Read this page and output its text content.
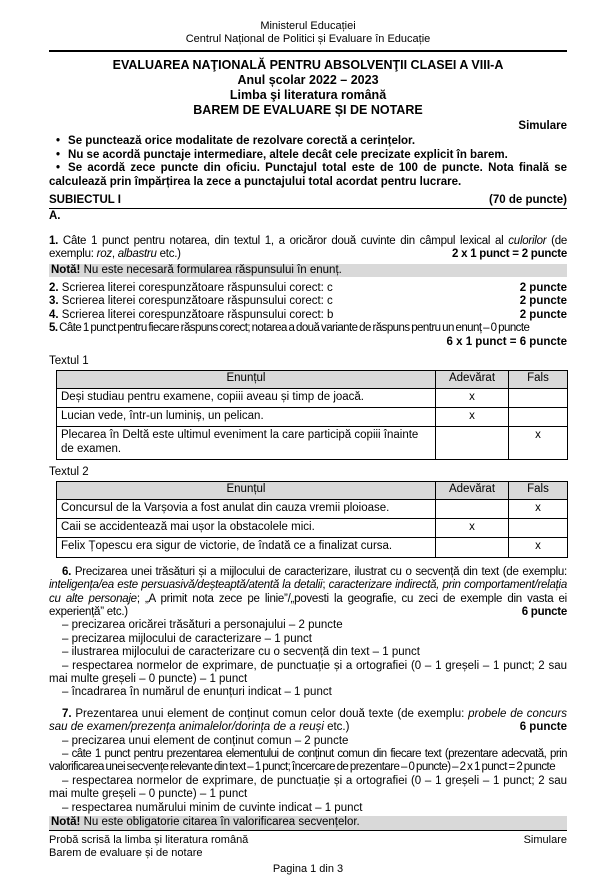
Ministerul Educației
Centrul Național de Politici și Evaluare în Educație
EVALUAREA NAŢIONALĂ PENTRU ABSOLVENŢII CLASEI A VIII-A
Anul școlar 2022 – 2023
Limba şi literatura română
BAREM DE EVALUARE ȘI DE NOTARE
Simulare
• Se punctează orice modalitate de rezolvare corectă a cerințelor.
• Nu se acordă punctaje intermediare, altele decât cele precizate explicit în barem.
• Se acordă zece puncte din oficiu. Punctajul total este de 100 de puncte. Nota finală se calculează prin împărțirea la zece a punctajului total acordat pentru lucrare.
SUBIECTUL I	(70 de puncte)
A.
1. Câte 1 punct pentru notarea, din textul 1, a oricăror două cuvinte din câmpul lexical al culorilor (de exemplu: roz, albastru etc.)	2 x 1 punct = 2 puncte
Notă! Nu este necesară formularea răspunsului în enunț.
2. Scrierea literei corespunzătoare răspunsului corect: c	2 puncte
3. Scrierea literei corespunzătoare răspunsului corect: c	2 puncte
4. Scrierea literei corespunzătoare răspunsului corect: b	2 puncte
5. Câte 1 punct pentru fiecare răspuns corect; notarea a două variante de răspuns pentru un enunț – 0 puncte
6 x 1 punct = 6 puncte
Textul 1
Enunțul	Adevărat	Fals
Deși studiau pentru examene, copiii aveau și timp de joacă.	x	
Lucian vede, într-un luminiș, un pelican.	x	
Plecarea în Deltă este ultimul eveniment la care participă copiii înainte de examen.		x
Textul 2
Enunțul	Adevărat	Fals
Concursul de la Varșovia a fost anulat din cauza vremii ploioase.		x
Caii se accidentează mai ușor la obstacolele mici.	x	
Felix Țopescu era sigur de victorie, de îndată ce a finalizat cursa.		x
6. Precizarea unei trăsături și a mijlocului de caracterizare, ilustrat cu o secvență din text (de exemplu: inteligența/ea este persuasivă/deșteaptă/atentă la detalii; caracterizare indirectă, prin comportament/relația cu alte personaje; „A primit nota zece pe linie”/„povesti la geografie, cu zeci de exemple din vasta ei experiență” etc.)	6 puncte
– precizarea oricărei trăsături a personajului – 2 puncte
– precizarea mijlocului de caracterizare – 1 punct
– ilustrarea mijlocului de caracterizare cu o secvență din text – 1 punct
– respectarea normelor de exprimare, de punctuație și a ortografiei (0 – 1 greșeli – 1 punct; 2 sau mai multe greșeli – 0 puncte) – 1 punct
– încadrarea în numărul de enunțuri indicat – 1 punct
7. Prezentarea unui element de conținut comun celor două texte (de exemplu: probele de concurs sau de examen/prezența animalelor/dorința de a reuși etc.)	6 puncte
– precizarea unui element de conținut comun – 2 puncte
– câte 1 punct pentru prezentarea elementului de conținut comun din fiecare text (prezentare adecvată, prin valorificarea unei secvențe relevante din text – 1 punct; încercare de prezentare – 0 puncte) – 2 x 1 punct = 2 puncte
– respectarea normelor de exprimare, de punctuație și a ortografiei (0 – 1 greșeli – 1 punct; 2 sau mai multe greșeli – 0 puncte) – 1 punct
– respectarea numărului minim de cuvinte indicat – 1 punct
Notă! Nu este obligatorie citarea în valorificarea secvențelor.
Probă scrisă la limba și literatura română	Simulare
Barem de evaluare și de notare
Pagina 1 din 3
